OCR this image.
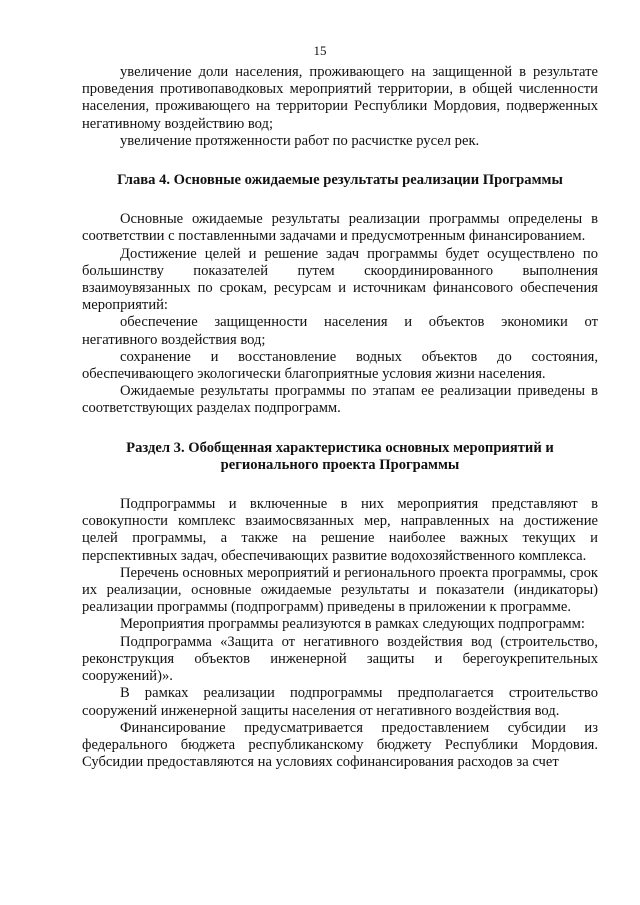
15

увеличение доли населения, проживающего на защищенной в результате проведения противопаводковых мероприятий территории, в общей численности населения, проживающего на территории Республики Мордовия, подверженных негативному воздействию вод;

увеличение протяженности работ по расчистке русел рек.

Глава 4. Основные ожидаемые результаты реализации Программы

Основные ожидаемые результаты реализации программы определены в соответствии с поставленными задачами и предусмотренным финансированием.

Достижение целей и решение задач программы будет осуществлено по большинству показателей путем скоординированного выполнения взаимоувязанных по срокам, ресурсам и источникам финансового обеспечения мероприятий:

обеспечение защищенности населения и объектов экономики от негативного воздействия вод;

сохранение и восстановление водных объектов до состояния, обеспечивающего экологически благоприятные условия жизни населения.

Ожидаемые результаты программы по этапам ее реализации приведены в соответствующих разделах подпрограмм.

Раздел 3. Обобщенная характеристика основных мероприятий и
регионального проекта Программы

Подпрограммы и включенные в них мероприятия представляют в совокупности комплекс взаимосвязанных мер, направленных на достижение целей программы, а также на решение наиболее важных текущих и перспективных задач, обеспечивающих развитие водохозяйственного комплекса.

Перечень основных мероприятий и регионального проекта программы, срок их реализации, основные ожидаемые результаты и показатели (индикаторы) реализации программы (подпрограмм) приведены в приложении к программе.

Мероприятия программы реализуются в рамках следующих подпрограмм:

Подпрограмма «Защита от негативного воздействия вод (строительство, реконструкция объектов инженерной защиты и берегоукрепительных сооружений)».

В рамках реализации подпрограммы предполагается строительство сооружений инженерной защиты населения от негативного воздействия вод.

Финансирование предусматривается предоставлением субсидии из федерального бюджета республиканскому бюджету Республики Мордовия. Субсидии предоставляются на условиях софинансирования расходов за счет
